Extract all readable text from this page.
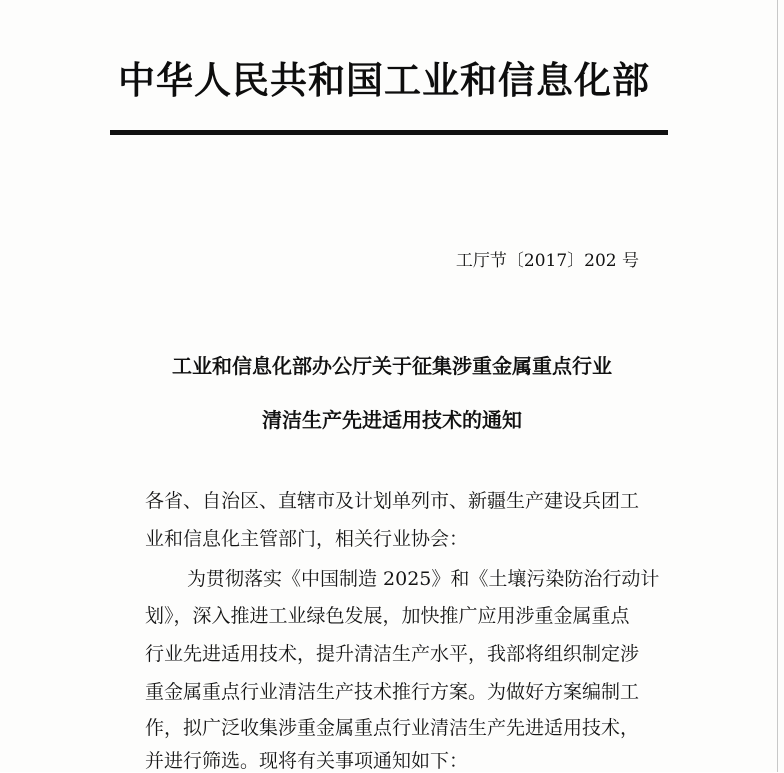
中华人民共和国工业和信息化部
工厅节〔2017〕202 号
工业和信息化部办公厅关于征集涉重金属重点行业
清洁生产先进适用技术的通知
各省、自治区、直辖市及计划单列市、新疆生产建设兵团工
业和信息化主管部门，相关行业协会：
为贯彻落实《中国制造 2025》和《土壤污染防治行动计
划》，深入推进工业绿色发展，加快推广应用涉重金属重点
行业先进适用技术，提升清洁生产水平，我部将组织制定涉
重金属重点行业清洁生产技术推行方案。为做好方案编制工
作，拟广泛收集涉重金属重点行业清洁生产先进适用技术，
并进行筛选。现将有关事项通知如下：
